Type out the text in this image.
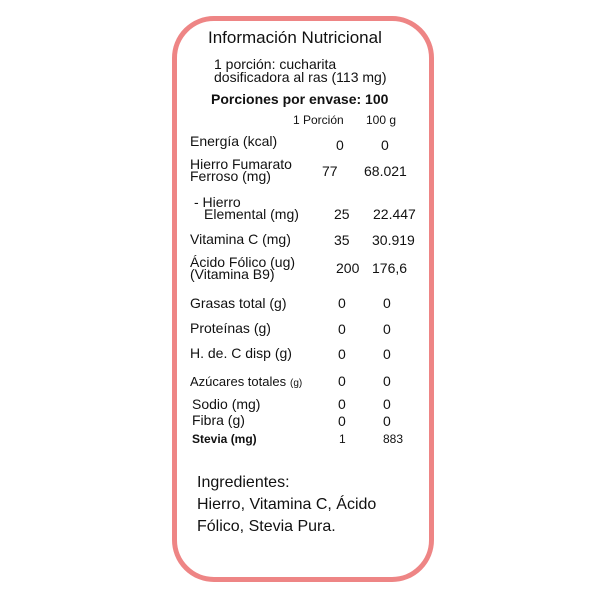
Información Nutricional
1 porción: cucharita
dosificadora al ras (113 mg)
Porciones por envase: 100
1 Porción 100 g
Energía (kcal)	0	0
Hierro Fumarato
Ferroso (mg)	77 68.021
- Hierro
Elemental (mg)	25 22.447
Vitamina C (mg)	35 30.919
Ácido Fólico (ug)
(Vitamina B9)	200 176,6
Grasas total (g)	0	0
Proteínas (g)	0	0
H. de. C disp (g)	0	0
Azúcares totales (g)	0	0
Sodio (mg)	0	0
Fibra (g)	0	0
Stevia (mg)	1	883
Ingredientes:
Hierro, Vitamina C, Ácido
Fólico, Stevia Pura.
